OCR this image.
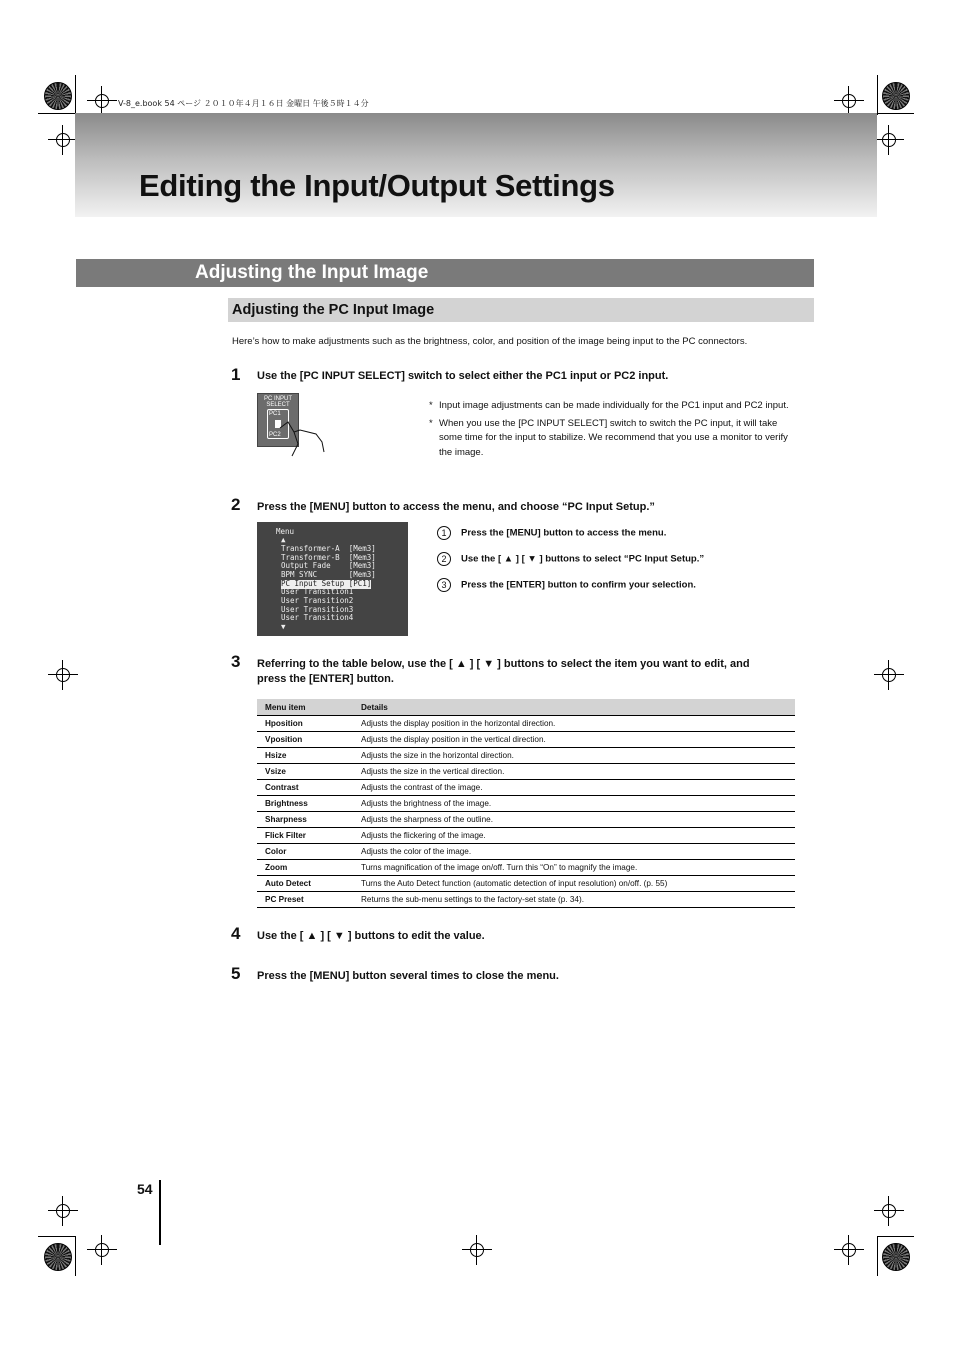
V-8_e.book 54 ページ ２０１０年４月１６日 金曜日 午後５時１４分
Editing the Input/Output Settings
Adjusting the Input Image
Adjusting the PC Input Image
Here’s how to make adjustments such as the brightness, color, and position of the image being input to the PC connectors.
1 Use the [PC INPUT SELECT] switch to select either the PC1 input or PC2 input.
PC INPUT SELECT
PC1
PC2
* Input image adjustments can be made individually for the PC1 input and PC2 input.
* When you use the [PC INPUT SELECT] switch to switch the PC input, it will take some time for the input to stabilize. We recommend that you use a monitor to verify the image.
2 Press the [MENU] button to access the menu, and choose “PC Input Setup.”
Menu
▲
Transformer-A  [Mem3]
Transformer-B  [Mem3]
Output Fade    [Mem3]
BPM SYNC       [Mem3]
PC Input Setup [PC1]
User Transition1
User Transition2
User Transition3
User Transition4
▼
1 Press the [MENU] button to access the menu.
2 Use the [ ▲ ] [ ▼ ] buttons to select “PC Input Setup.”
3 Press the [ENTER] button to confirm your selection.
3 Referring to the table below, use the [ ▲ ] [ ▼ ] buttons to select the item you want to edit, and
press the [ENTER] button.
Menu item	Details
Hposition	Adjusts the display position in the horizontal direction.
Vposition	Adjusts the display position in the vertical direction.
Hsize	Adjusts the size in the horizontal direction.
Vsize	Adjusts the size in the vertical direction.
Contrast	Adjusts the contrast of the image.
Brightness	Adjusts the brightness of the image.
Sharpness	Adjusts the sharpness of the outline.
Flick Filter	Adjusts the flickering of the image.
Color	Adjusts the color of the image.
Zoom	Turns magnification of the image on/off. Turn this “On” to magnify the image.
Auto Detect	Turns the Auto Detect function (automatic detection of input resolution) on/off. (p. 55)
PC Preset	Returns the sub-menu settings to the factory-set state (p. 34).
4 Use the [ ▲ ] [ ▼ ] buttons to edit the value.
5 Press the [MENU] button several times to close the menu.
54
